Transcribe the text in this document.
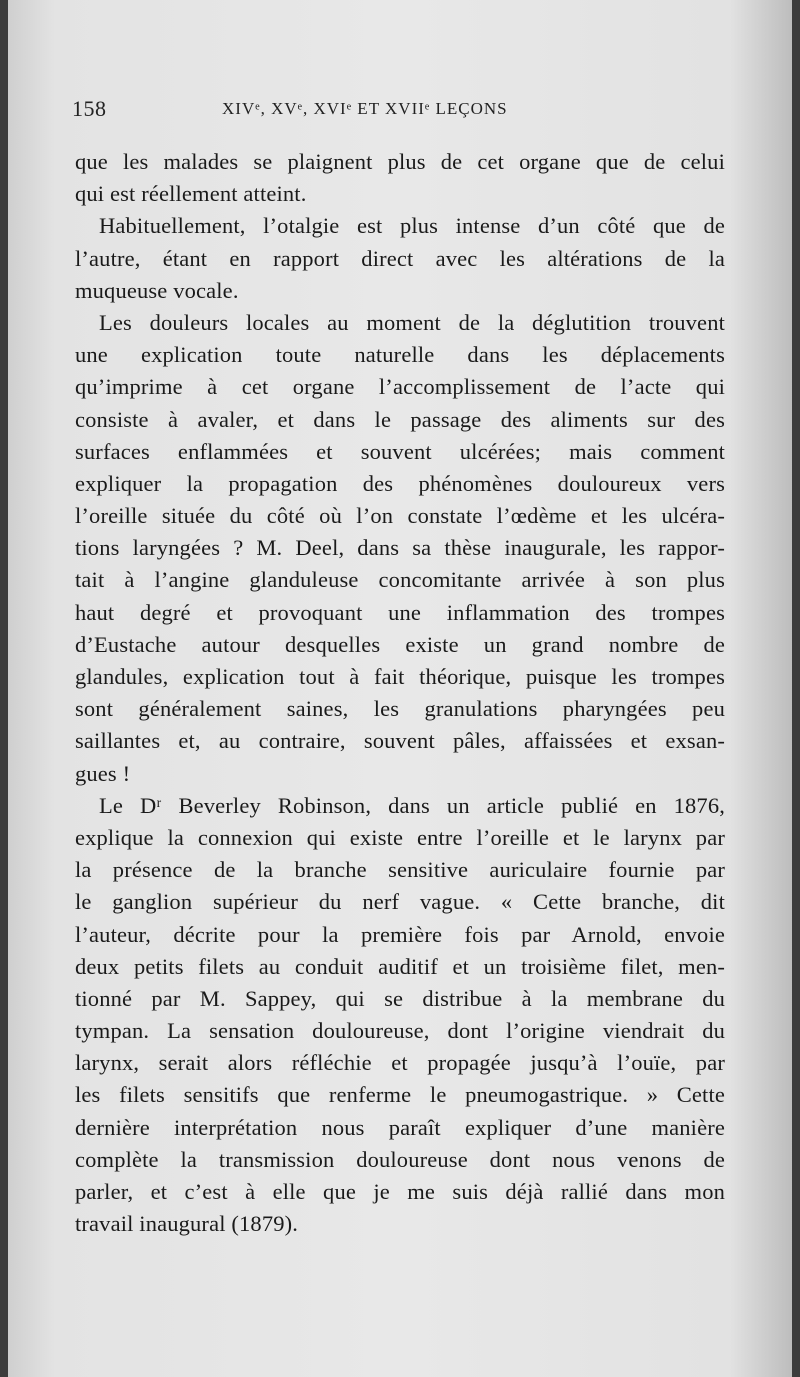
158	XIVᵉ, XVᵉ, XVIᵉ ET XVIIᵉ LEÇONS
que les malades se plaignent plus de cet organe que de celui
qui est réellement atteint.
Habituellement, l’otalgie est plus intense d’un côté que de
l’autre, étant en rapport direct avec les altérations de la
muqueuse vocale.
Les douleurs locales au moment de la déglutition trouvent
une explication toute naturelle dans les déplacements
qu’imprime à cet organe l’accomplissement de l’acte qui
consiste à avaler, et dans le passage des aliments sur des
surfaces enflammées et souvent ulcérées; mais comment
expliquer la propagation des phénomènes douloureux vers
l’oreille située du côté où l’on constate l’œdème et les ulcéra-
tions laryngées ? M. Deel, dans sa thèse inaugurale, les rappor-
tait à l’angine glanduleuse concomitante arrivée à son plus
haut degré et provoquant une inflammation des trompes
d’Eustache autour desquelles existe un grand nombre de
glandules, explication tout à fait théorique, puisque les trompes
sont généralement saines, les granulations pharyngées peu
saillantes et, au contraire, souvent pâles, affaissées et exsan-
gues !
Le Dʳ Beverley Robinson, dans un article publié en 1876,
explique la connexion qui existe entre l’oreille et le larynx par
la présence de la branche sensitive auriculaire fournie par
le ganglion supérieur du nerf vague. « Cette branche, dit
l’auteur, décrite pour la première fois par Arnold, envoie
deux petits filets au conduit auditif et un troisième filet, men-
tionné par M. Sappey, qui se distribue à la membrane du
tympan. La sensation douloureuse, dont l’origine viendrait du
larynx, serait alors réfléchie et propagée jusqu’à l’ouïe, par
les filets sensitifs que renferme le pneumogastrique. » Cette
dernière interprétation nous paraît expliquer d’une manière
complète la transmission douloureuse dont nous venons de
parler, et c’est à elle que je me suis déjà rallié dans mon
travail inaugural (1879).
